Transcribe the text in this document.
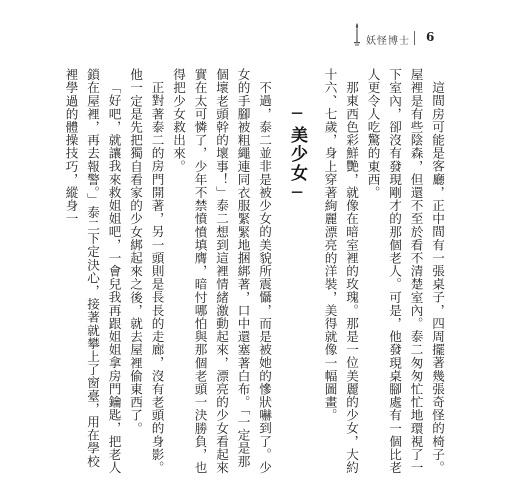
妖怪博士 6

這間房可能是客廳，正中間有一張桌子，四周擺著幾張奇怪的椅子。屋裡是有些陰森，但還不至於看不清楚室內。泰二匆匆忙忙地環視了一下室內，卻沒有發現剛才的那個老人。可是，他發現桌腳處有一個比老人更令人吃驚的東西。

那東西色彩鮮艷，就像在暗室裡的玫瑰。那是一位美麗的少女，大約十六、七歲，身上穿著絢麗漂亮的洋裝，美得就像一幅圖畫。

─美少女─

不過，泰二並非是被少女的美貌所震懾，而是被她的慘狀嚇到了。少女的手腳被粗繩連同衣服緊緊地捆綁著，口中還塞著白布。「一定是那個壞老頭幹的壞事！」泰二想到這裡情緒激動起來，漂亮的少女看起來實在太可憐了，少年不禁憤憤填膺，暗忖哪怕與那個老頭一決勝負，也得把少女救出來。

正對著泰二的房門開著，另一頭則是長長的走廊，沒有老頭的身影。他一定是先把獨自看家的少女綁起來之後，就去屋裡偷東西了。

「好吧，就讓我來救姐姐吧，一會兒我再跟姐姐拿房門鑰匙，把老人鎖在屋裡，再去報警。」泰二下定決心，接著就攀上了窗臺，用在學校裡學過的體操技巧，縱身一
